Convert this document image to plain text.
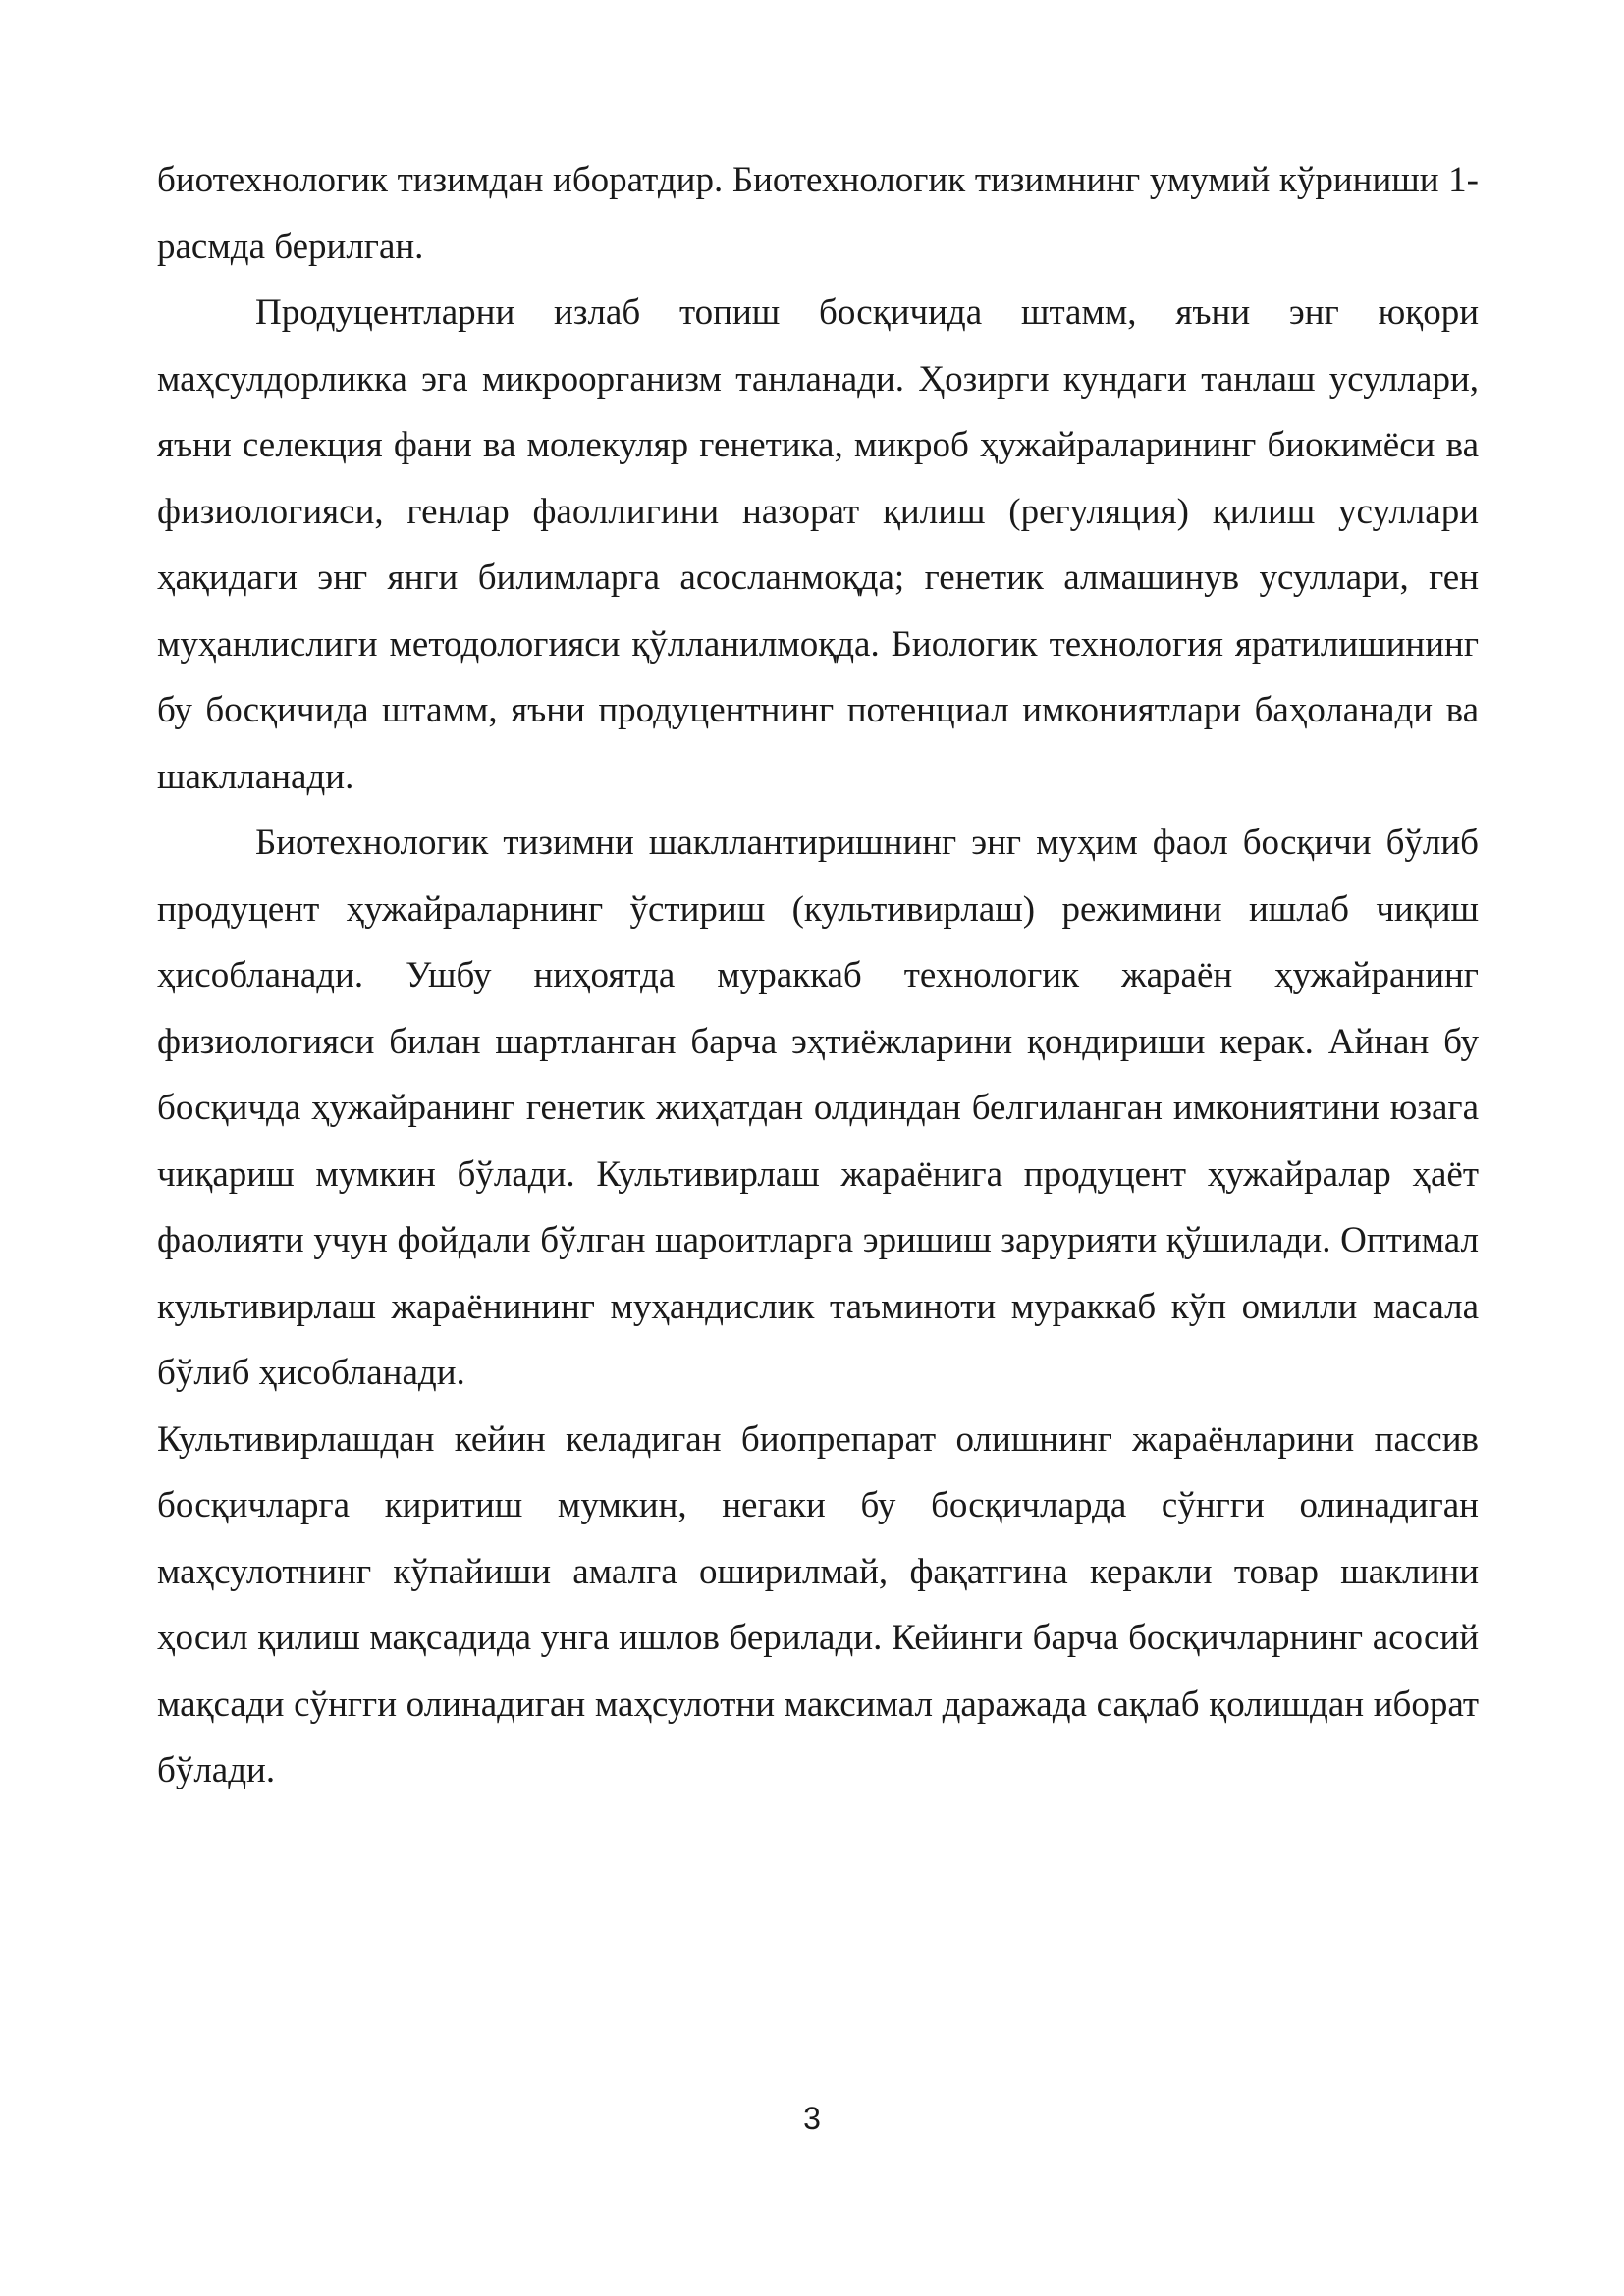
биотехнологик тизимдан иборатдир. Биотехнологик тизимнинг умумий кўриниши 1-расмда берилган.

Продуцентларни излаб топиш босқичида штамм, яъни энг юқори маҳсулдорликка эга микроорганизм танланади. Ҳозирги кундаги танлаш усуллари, яъни селекция фани ва молекуляр генетика, микроб ҳужайраларининг биокимёси ва физиологияси, генлар фаоллигини назорат қилиш (регуляция) қилиш усуллари ҳақидаги энг янги билимларга асосланмоқда; генетик алмашинув усуллари, ген муҳанлислиги методологияси қўлланилмоқда. Биологик технология яратилишининг бу босқичида штамм, яъни продуцентнинг потенциал имкониятлари баҳоланади ва шаклланади.

Биотехнологик тизимни шакллантиришнинг энг муҳим фаол босқичи бўлиб продуцент ҳужайраларнинг ўстириш (культивирлаш) режимини ишлаб чиқиш ҳисобланади. Ушбу ниҳоятда мураккаб технологик жараён ҳужайранинг физиологияси билан шартланган барча эҳтиёжларини қондириши керак. Айнан бу босқичда ҳужайранинг генетик жиҳатдан олдиндан белгиланган имкониятини юзага чиқариш мумкин бўлади. Культивирлаш жараёнига продуцент ҳужайралар ҳаёт фаолияти учун фойдали бўлган шароитларга эришиш зарурияти қўшилади. Оптимал культивирлаш жараёнининг муҳандислик таъминоти мураккаб кўп омилли масала бўлиб ҳисобланади.

Культивирлашдан кейин келадиган биопрепарат олишнинг жараёнларини пассив босқичларга киритиш мумкин, негаки бу босқичларда сўнгги олинадиган маҳсулотнинг кўпайиши амалга оширилмай, фақатгина керакли товар шаклини ҳосил қилиш мақсадида унга ишлов берилади. Кейинги барча босқичларнинг асосий мақсади сўнгги олинадиган маҳсулотни максимал даражада сақлаб қолишдан иборат бўлади.

3
